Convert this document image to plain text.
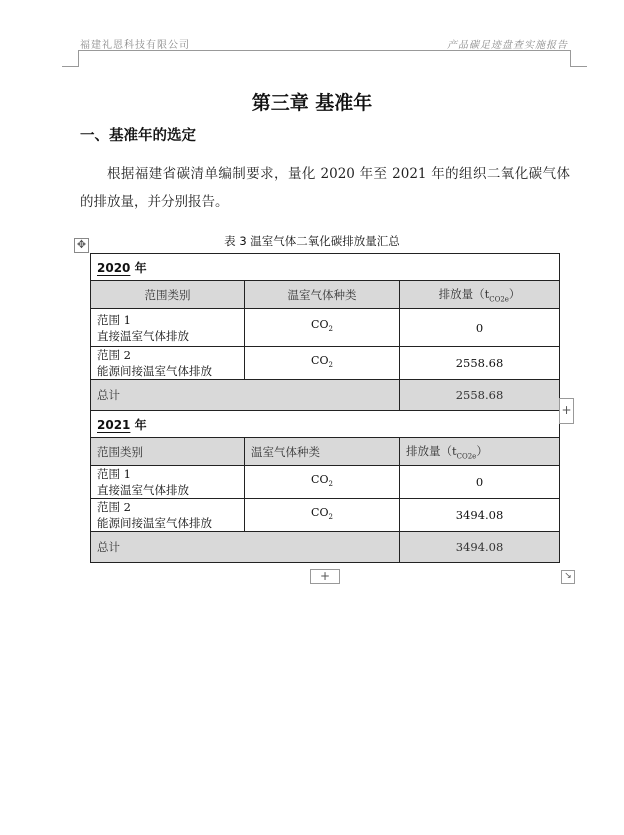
福建礼恩科技有限公司	产品碳足迹盘查实施报告
第三章 基准年
一、基准年的选定
根据福建省碳清单编制要求，量化 2020 年至 2021 年的组织二氧化碳气体的排放量，并分别报告。
表 3 温室气体二氧化碳排放量汇总
✥
2020 年		
范围类别	温室气体种类	排放量$(t_{CO2e})$

范围 1
直接温室气体排放	$CO_2$	0

范围 2
能源间接温室气体排放	$CO_2$	2558.68
总计		2558.68
2021 年		
范围类别	温室气体种类	排放量$(t_{CO2e})$

范围 1
直接温室气体排放	$CO_2$	0

范围 2
能源间接温室气体排放	$CO_2$	3494.08
总计		3494.08
+
+	↘
